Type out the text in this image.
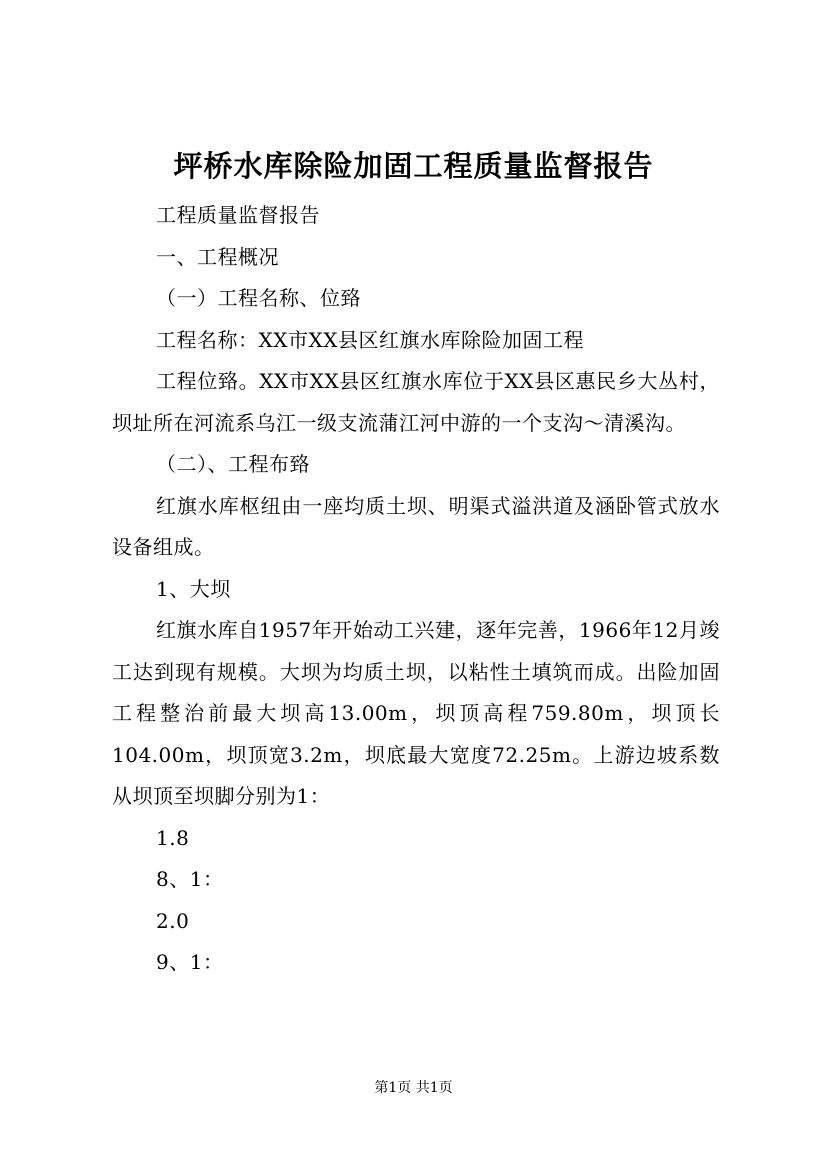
坪桥水库除险加固工程质量监督报告

工程质量监督报告

一、工程概况

（一）工程名称、位臵

工程名称：XX市XX县区红旗水库除险加固工程

工程位臵。XX市XX县区红旗水库位于XX县区惠民乡大丛村，坝址所在河流系乌江一级支流蒲江河中游的一个支沟～清溪沟。

（二）、工程布臵

红旗水库枢纽由一座均质土坝、明渠式溢洪道及涵卧管式放水设备组成。

1、大坝

红旗水库自1957年开始动工兴建，逐年完善，1966年12月竣工达到现有规模。大坝为均质土坝，以粘性土填筑而成。出险加固工程整治前最大坝高13.00m，坝顶高程759.80m，坝顶长104.00m，坝顶宽3.2m，坝底最大宽度72.25m。上游边坡系数从坝顶至坝脚分别为1：

1.8

8、1：

2.0

9、1：

第1页 共1页
